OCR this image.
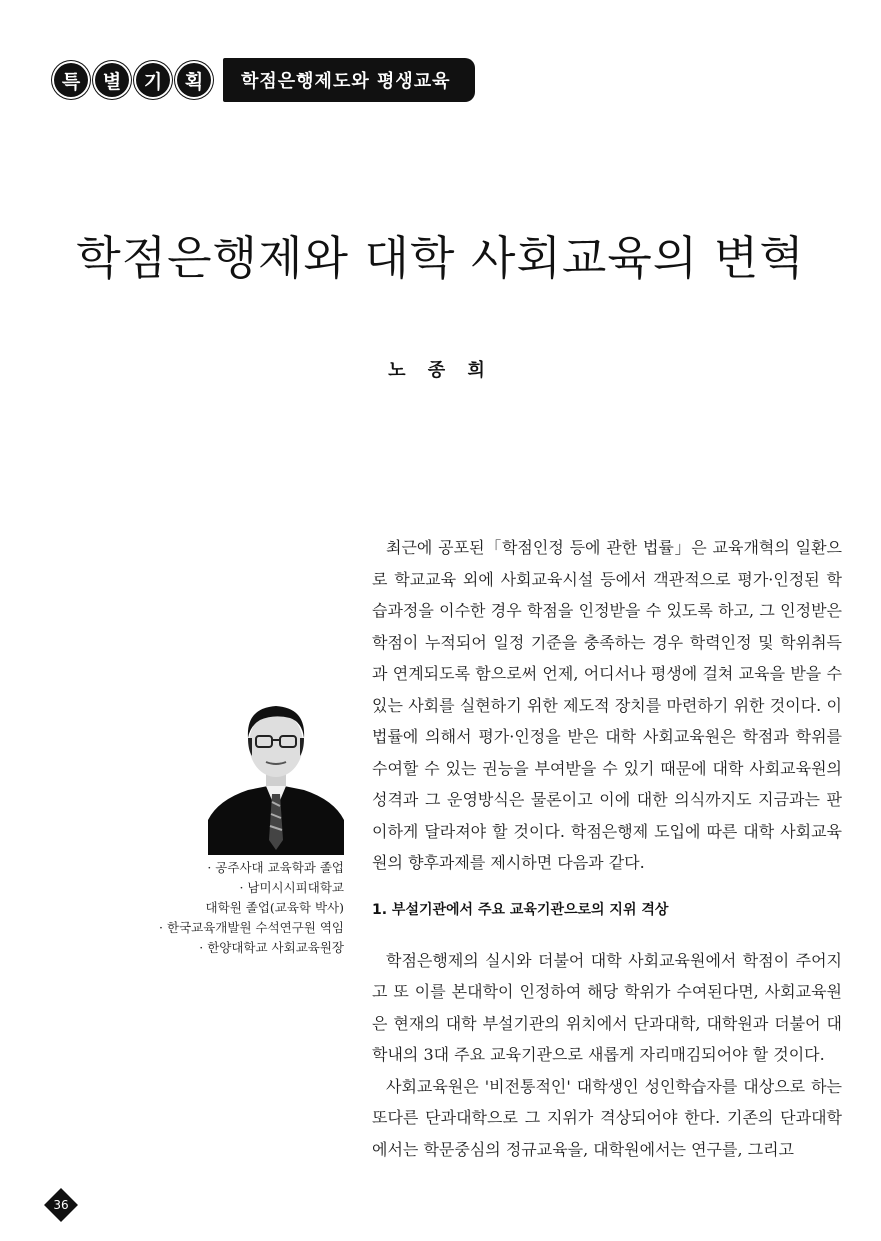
특	별	기	획	학점은행제도와 평생교육
학점은행제와 대학 사회교육의 변혁
노 종 희
· 공주사대 교육학과 졸업
· 남미시시피대학교
대학원 졸업(교육학 박사)
· 한국교육개발원 수석연구원 역임
· 한양대학교 사회교육원장

최근에 공포된「학점인정 등에 관한 법률」은 교육개혁의 일환으로 학교교육 외에 사회교육시설 등에서 객관적으로 평가·인정된 학습과정을 이수한 경우 학점을 인정받을 수 있도록 하고, 그 인정받은 학점이 누적되어 일정 기준을 충족하는 경우 학력인정 및 학위취득과 연계되도록 함으로써 언제, 어디서나 평생에 걸쳐 교육을 받을 수 있는 사회를 실현하기 위한 제도적 장치를 마련하기 위한 것이다. 이 법률에 의해서 평가·인정을 받은 대학 사회교육원은 학점과 학위를 수여할 수 있는 권능을 부여받을 수 있기 때문에 대학 사회교육원의 성격과 그 운영방식은 물론이고 이에 대한 의식까지도 지금과는 판이하게 달라져야 할 것이다. 학점은행제 도입에 따른 대학 사회교육원의 향후과제를 제시하면 다음과 같다.

1. 부설기관에서 주요 교육기관으로의 지위 격상

학점은행제의 실시와 더불어 대학 사회교육원에서 학점이 주어지고 또 이를 본대학이 인정하여 해당 학위가 수여된다면, 사회교육원은 현재의 대학 부설기관의 위치에서 단과대학, 대학원과 더불어 대학내의 3대 주요 교육기관으로 새롭게 자리매김되어야 할 것이다.

사회교육원은 '비전통적인' 대학생인 성인학습자를 대상으로 하는 또다른 단과대학으로 그 지위가 격상되어야 한다. 기존의 단과대학에서는 학문중심의 정규교육을, 대학원에서는 연구를, 그리고

36
